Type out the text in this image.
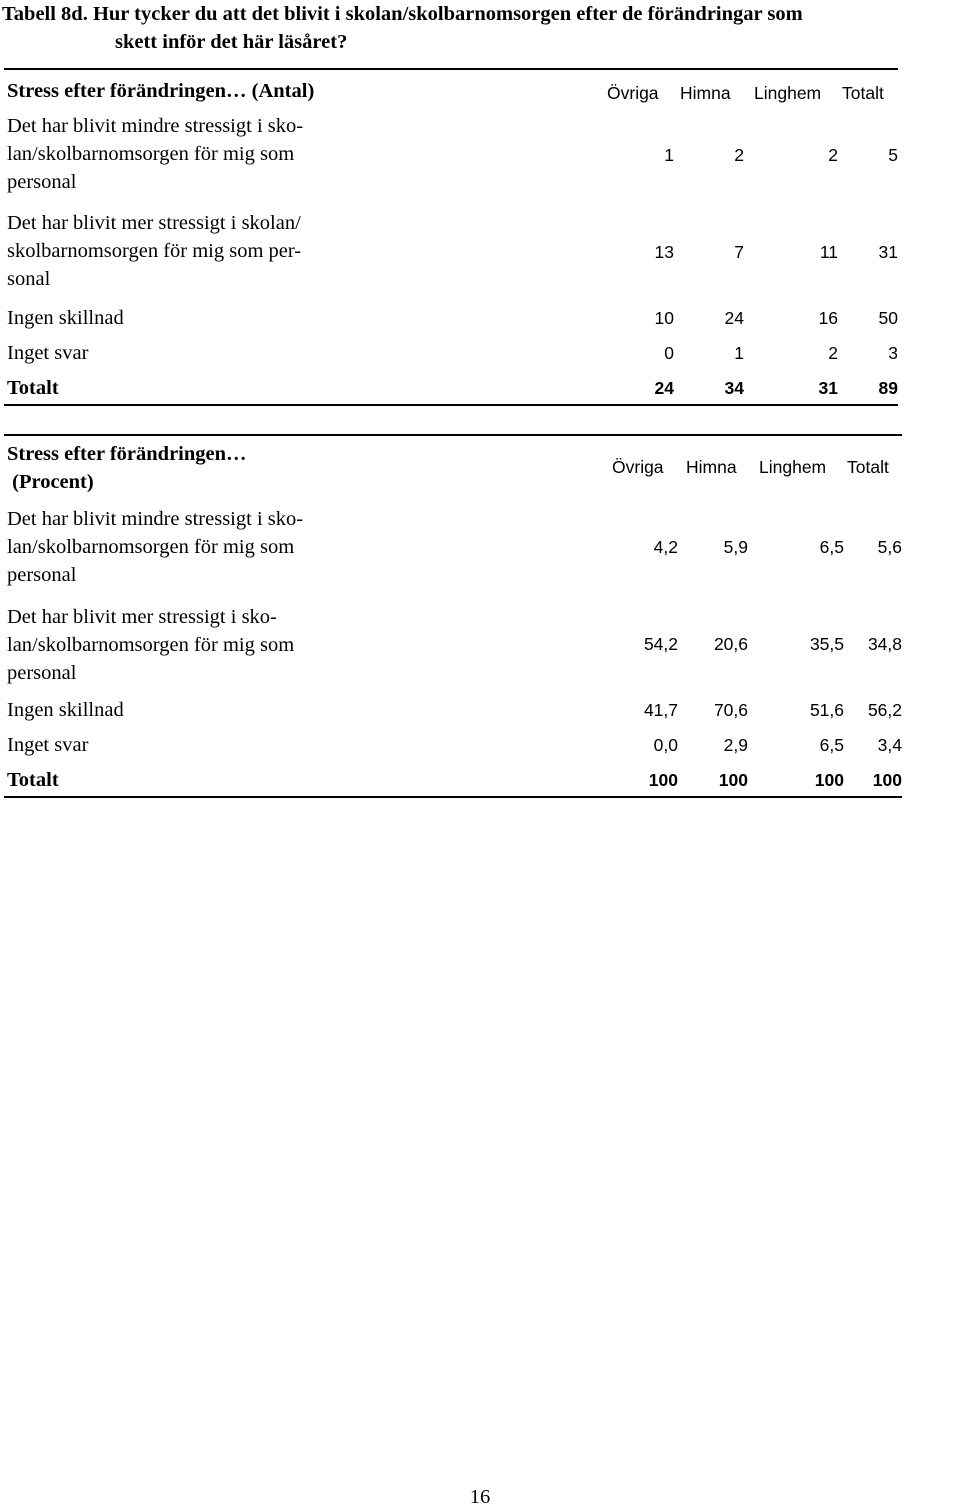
Tabell 8d. Hur tycker du att det blivit i skolan/skolbarnomsorgen efter de förändringar som
skett inför det här läsåret?
Stress efter förändringen… (Antal)	Övriga Himna Linghem Totalt
Det har blivit mindre stressigt i sko-
lan/skolbarnomsorgen för mig som
personal
1	2	2	5
Det har blivit mer stressigt i skolan/
skolbarnomsorgen för mig som per-
sonal
13	7	11 31
Ingen skillnad	10	24	16 50
Inget svar	0	1	2	3
Totalt	24	34	31 89
Stress efter förändringen…
(Procent)
Övriga Himna Linghem Totalt
Det har blivit mindre stressigt i sko-
lan/skolbarnomsorgen för mig som
personal
4,2	5,9	6,5 5,6
Det har blivit mer stressigt i sko-
lan/skolbarnomsorgen för mig som
personal
54,2 20,6	35,5 34,8
Ingen skillnad	41,7 70,6	51,6 56,2
Inget svar	0,0	2,9	6,5 3,4
Totalt	100 100	100 100
16
